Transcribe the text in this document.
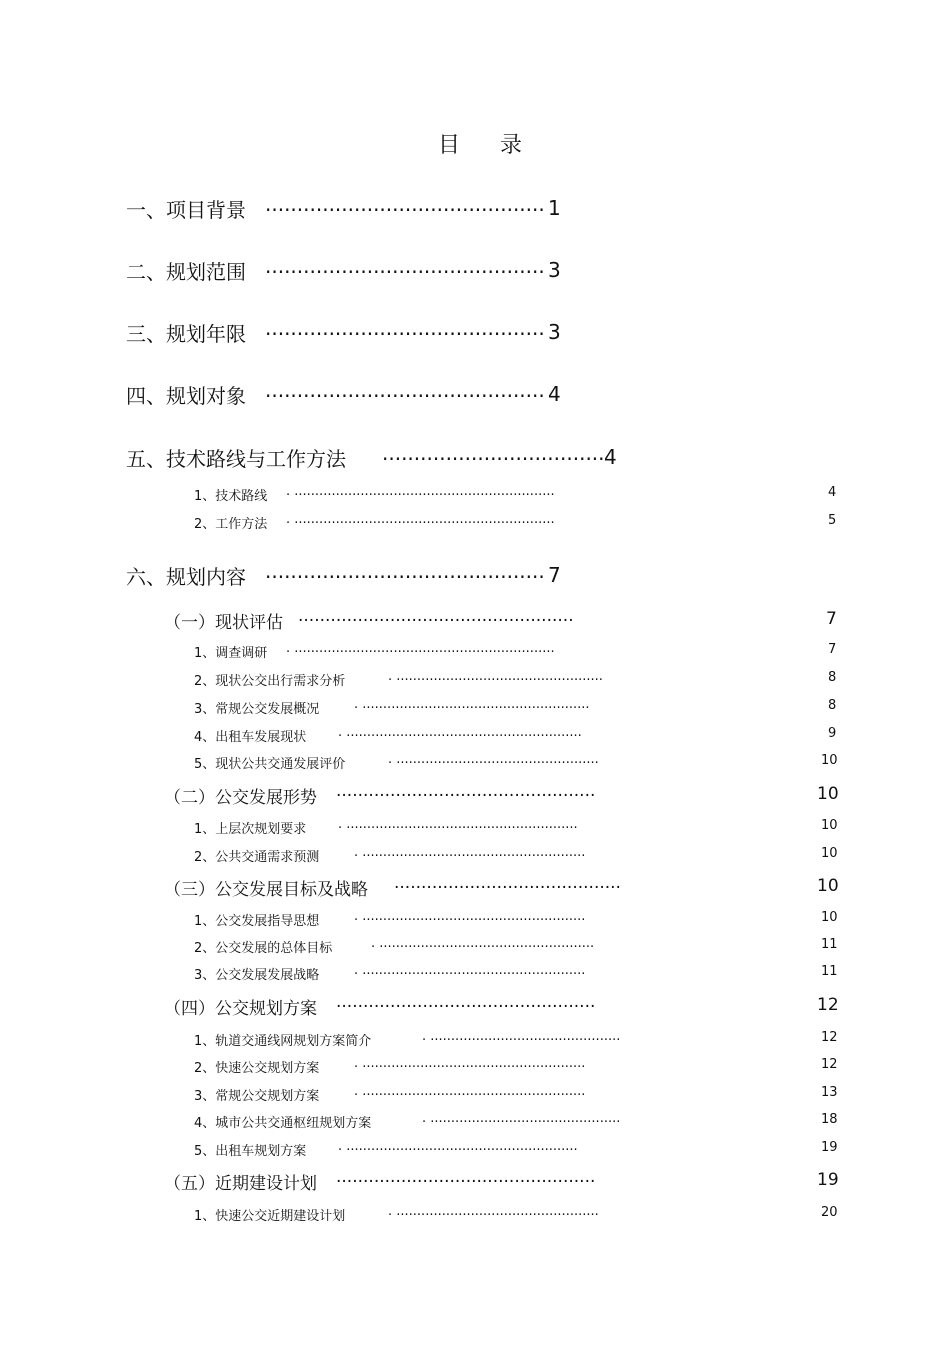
目 录
一、项目背景 ............................................ 1
二、规划范围 ............................................ 3
三、规划年限 ............................................ 3
四、规划对象 ............................................ 4
五、技术路线与工作方法 ................................... 4
1、技术路线 . ...............................................................	4
2、工作方法 . ...............................................................	5
六、规划内容 ............................................ 7
（一）现状评估 ...................................................	7
1、调查调研 . ...............................................................	7
2、现状公交出行需求分析	. ..................................................	8
3、常规公交发展概况	. .......................................................	8
4、出租车发展现状 . .........................................................	9
5、现状公共交通发展评价	. .................................................	10
（二）公交发展形势 ................................................	10
1、上层次规划要求 . ........................................................	10
2、公共交通需求预测	. ......................................................	10
（三）公交发展目标及战略 ..........................................	10
1、公交发展指导思想	. ......................................................	10
2、公交发展的总体目标	. ....................................................	11
3、公交发展发展战略	. ......................................................	11
（四）公交规划方案 ................................................	12
1、轨道交通线网规划方案简介	. ..............................................	12
2、快速公交规划方案	. ......................................................	12
3、常规公交规划方案	. ......................................................	13
4、城市公共交通枢纽规划方案	. ..............................................	18
5、出租车规划方案 . ........................................................	19
（五）近期建设计划 ................................................	19
1、快速公交近期建设计划	. .................................................	20
